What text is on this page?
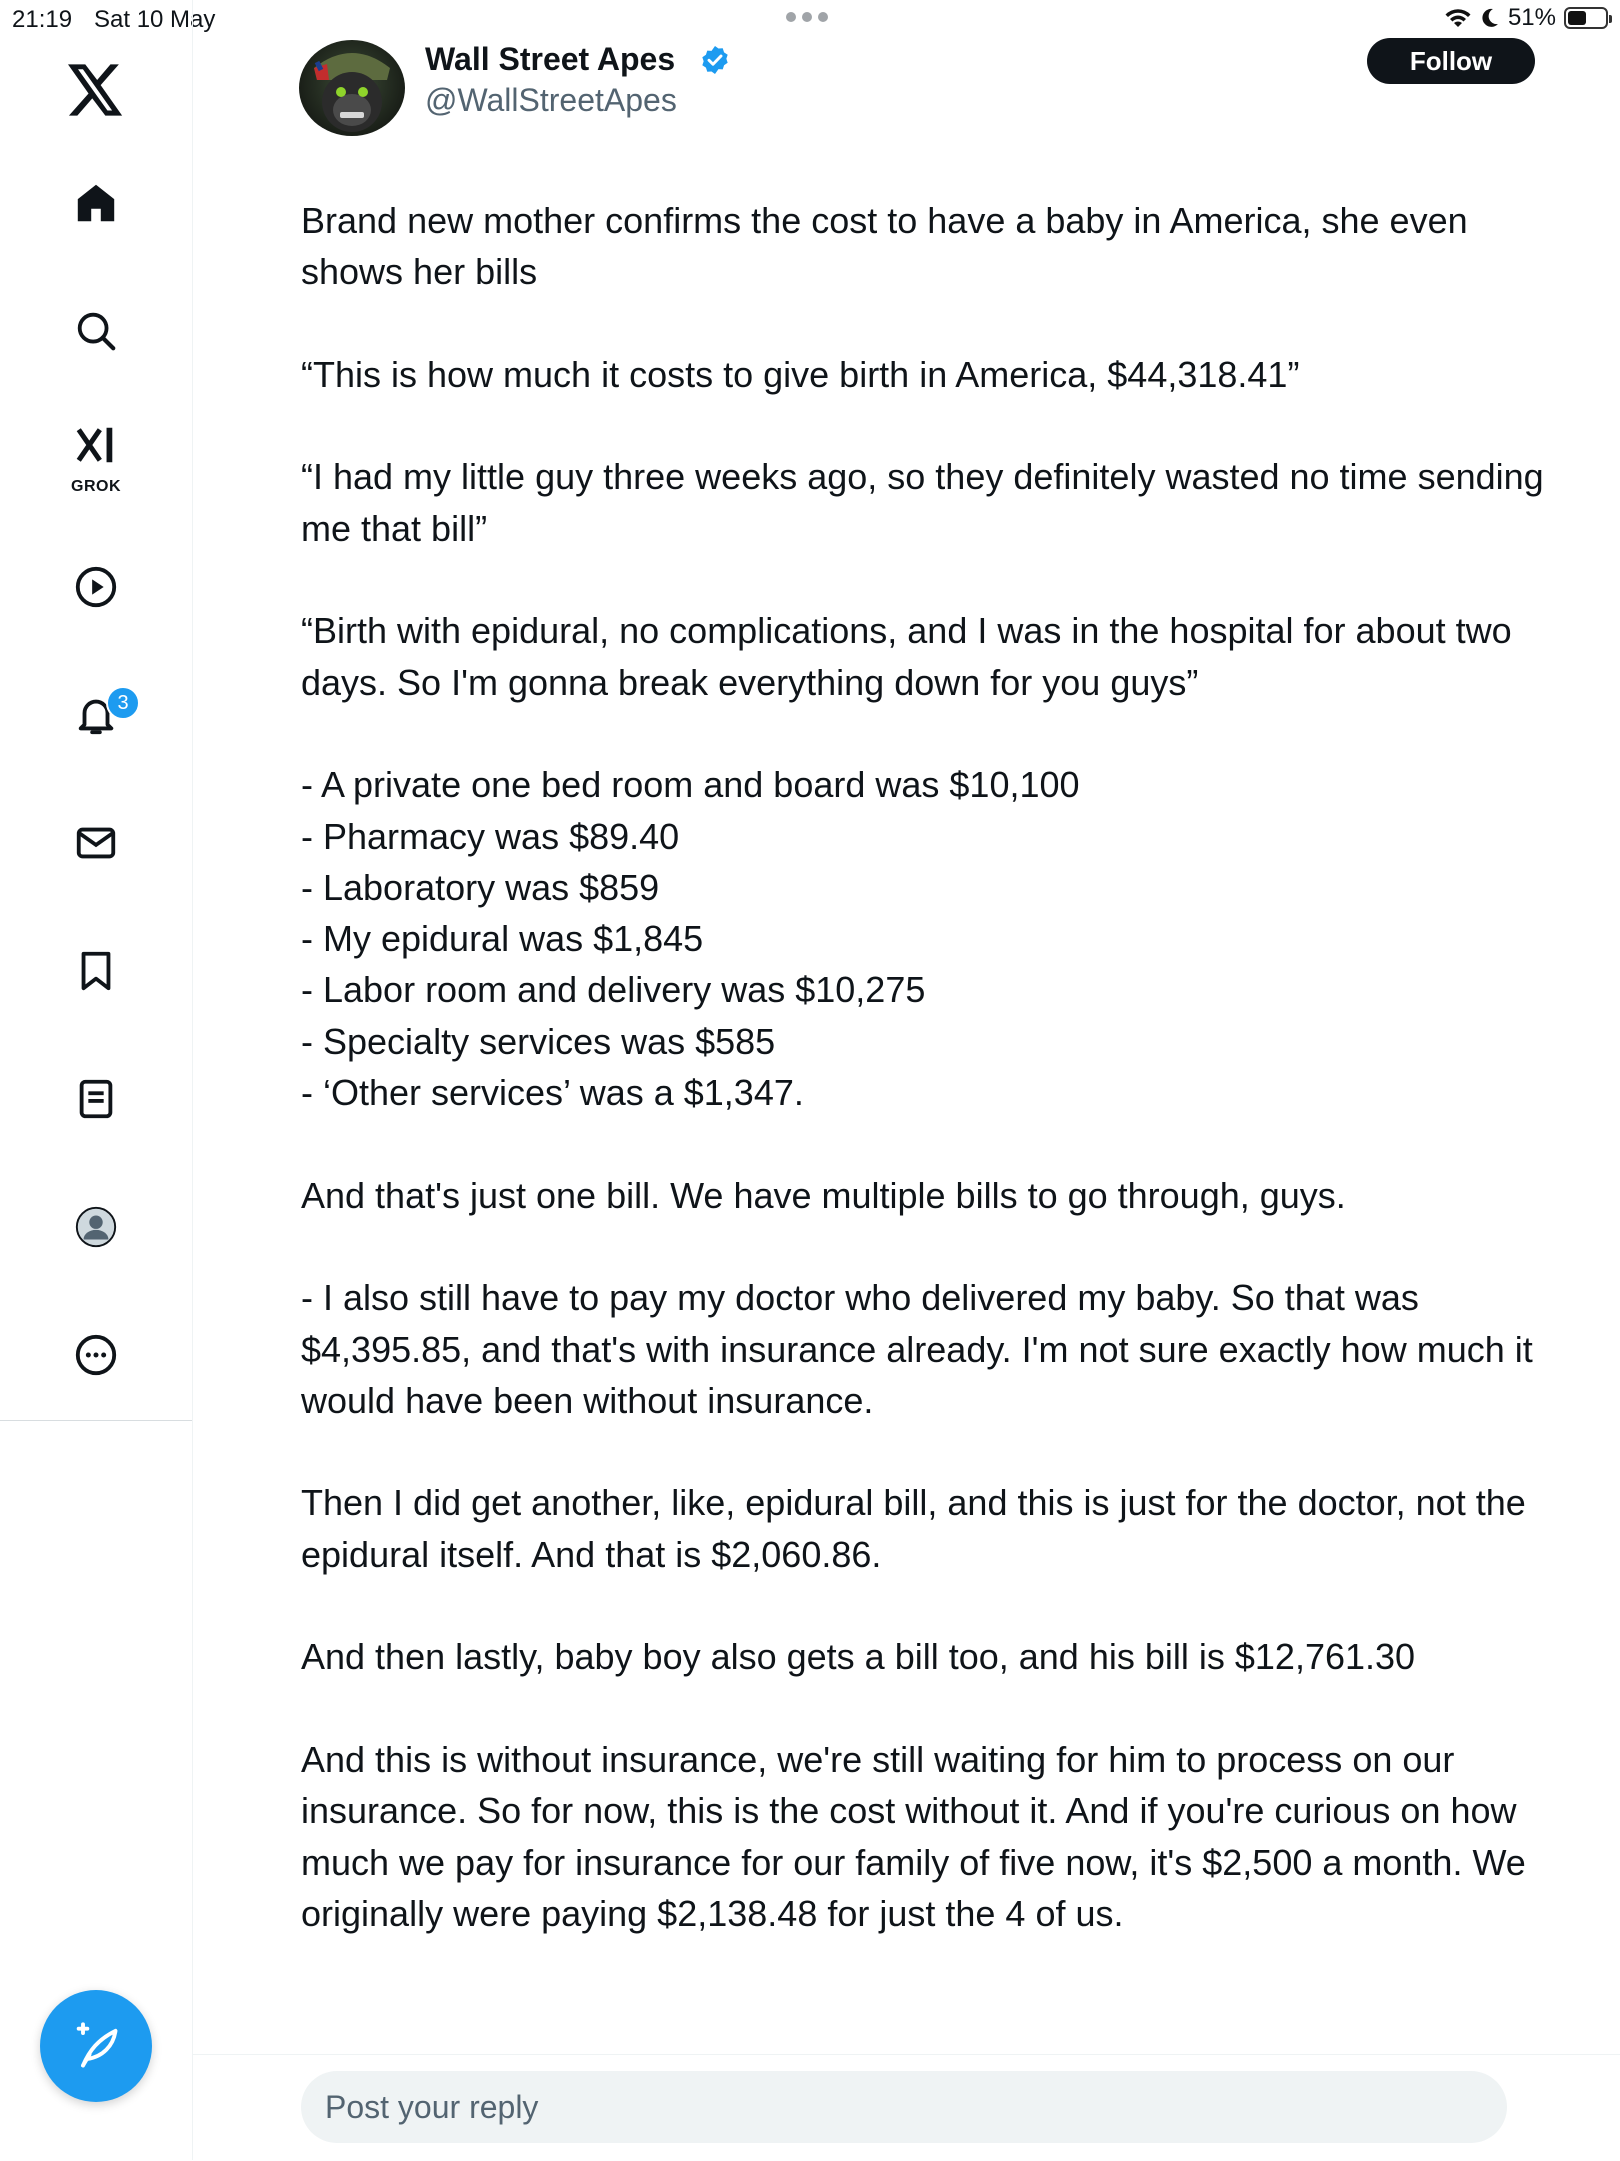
21:19 Sat 10 May	51%
GROK
3
Wall Street Apes
@WallStreetApes
Follow

Brand new mother confirms the cost to have a baby in America, she even shows her bills

“This is how much it costs to give birth in America, $44,318.41”

“I had my little guy three weeks ago, so they definitely wasted no time sending me that bill”

“Birth with epidural, no complications, and I was in the hospital for about two days. So I'm gonna break everything down for you guys”

- A private one bed room and board was $10,100
- Pharmacy was $89.40
- Laboratory was $859
- My epidural was $1,845
- Labor room and delivery was $10,275
- Specialty services was $585
- ‘Other services’ was a $1,347.

And that's just one bill. We have multiple bills to go through, guys.

- I also still have to pay my doctor who delivered my baby. So that was $4,395.85, and that's with insurance already. I'm not sure exactly how much it would have been without insurance.

Then I did get another, like, epidural bill, and this is just for the doctor, not the epidural itself. And that is $2,060.86.

And then lastly, baby boy also gets a bill too, and his bill is $12,761.30

And this is without insurance, we're still waiting for him to process on our insurance. So for now, this is the cost without it. And if you're curious on how much we pay for insurance for our family of five now, it's $2,500 a month. We originally were paying $2,138.48 for just the 4 of us.

Post your reply
